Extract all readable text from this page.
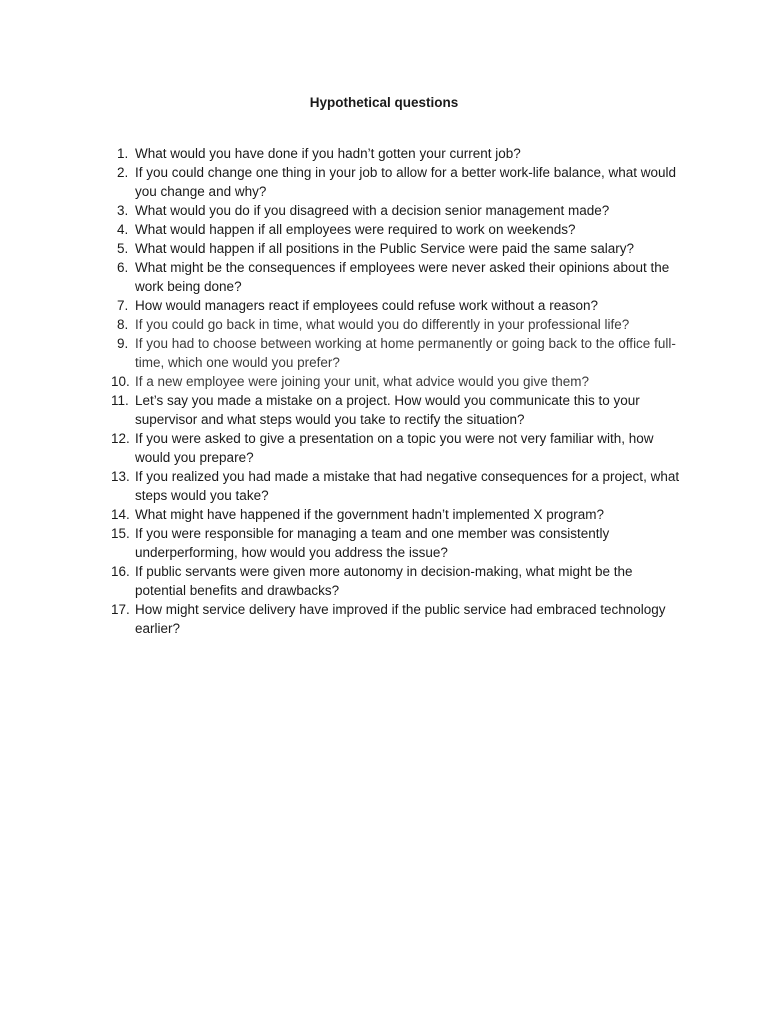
Hypothetical questions
1. What would you have done if you hadn’t gotten your current job?
2. If you could change one thing in your job to allow for a better work-life balance, what would you change and why?
3. What would you do if you disagreed with a decision senior management made?
4. What would happen if all employees were required to work on weekends?
5. What would happen if all positions in the Public Service were paid the same salary?
6. What might be the consequences if employees were never asked their opinions about the work being done?
7. How would managers react if employees could refuse work without a reason?
8. If you could go back in time, what would you do differently in your professional life?
9. If you had to choose between working at home permanently or going back to the office full-time, which one would you prefer?
10. If a new employee were joining your unit, what advice would you give them?
11. Let’s say you made a mistake on a project. How would you communicate this to your supervisor and what steps would you take to rectify the situation?
12. If you were asked to give a presentation on a topic you were not very familiar with, how would you prepare?
13. If you realized you had made a mistake that had negative consequences for a project, what steps would you take?
14. What might have happened if the government hadn’t implemented X program?
15. If you were responsible for managing a team and one member was consistently underperforming, how would you address the issue?
16. If public servants were given more autonomy in decision-making, what might be the potential benefits and drawbacks?
17. How might service delivery have improved if the public service had embraced technology earlier?
